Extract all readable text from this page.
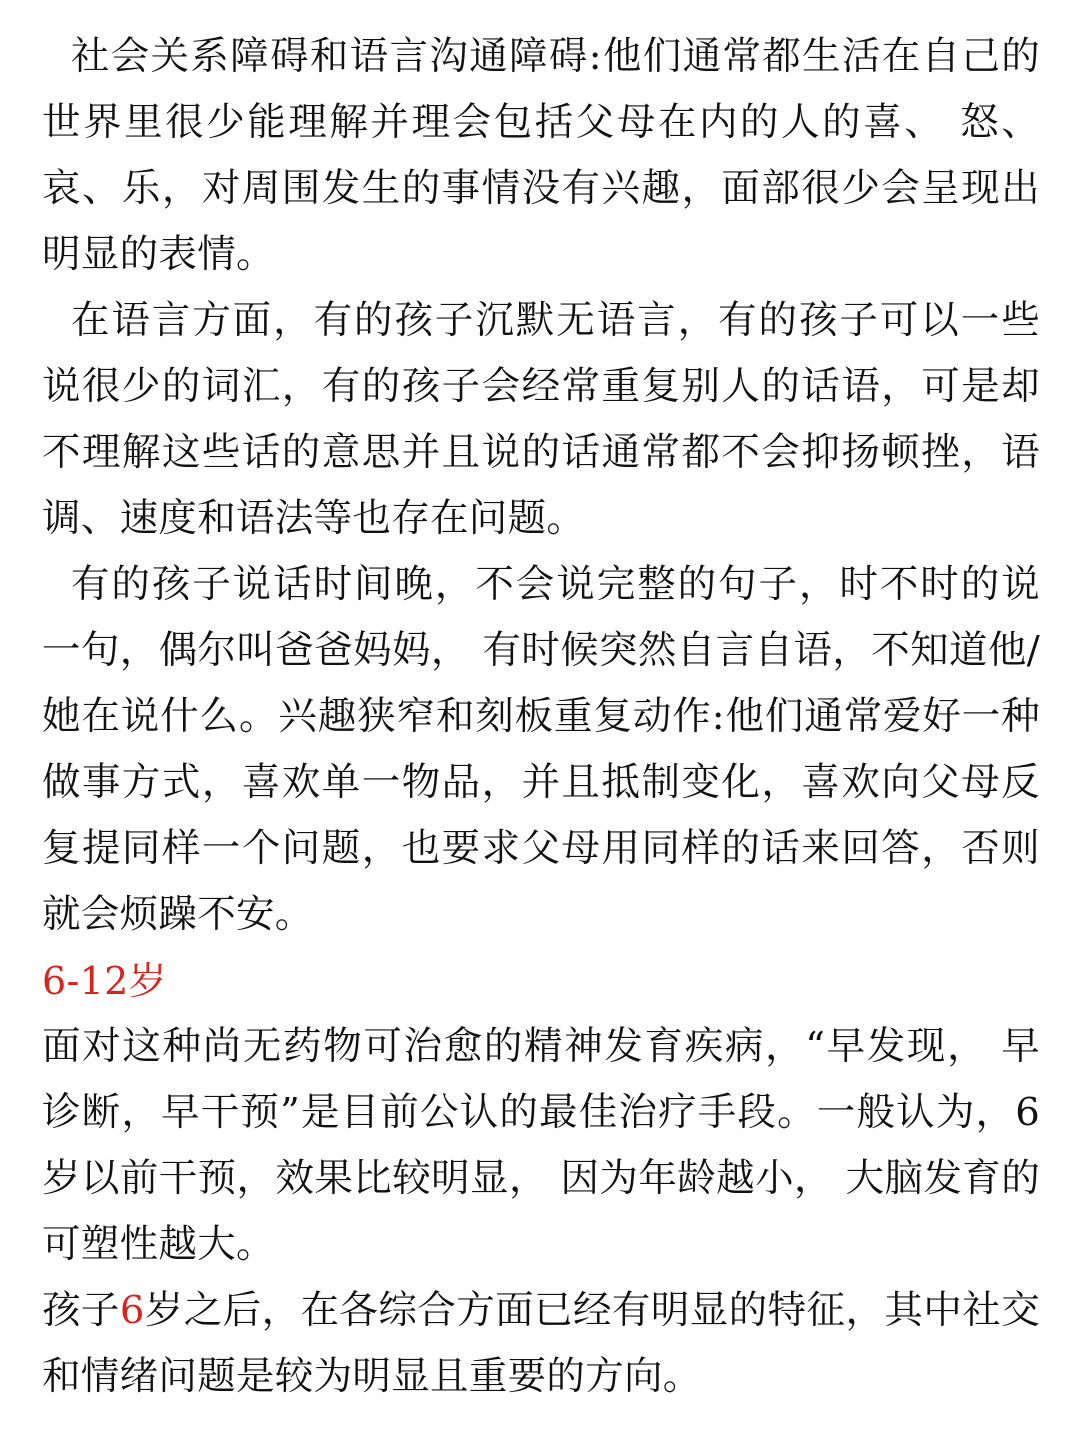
社会关系障碍和语言沟通障碍:他们通常都生活在自己的世界里很少能理解并理会包括父母在内的人的喜、 怒、 哀、乐，对周围发生的事情没有兴趣，面部很少会呈现出明显的表情。

在语言方面，有的孩子沉默无语言，有的孩子可以一些说很少的词汇，有的孩子会经常重复别人的话语，可是却不理解这些话的意思并且说的话通常都不会抑扬顿挫，语调、速度和语法等也存在问题。

有的孩子说话时间晚，不会说完整的句子，时不时的说一句，偶尔叫爸爸妈妈， 有时候突然自言自语，不知道他/她在说什么。兴趣狭窄和刻板重复动作:他们通常爱好一种做事方式，喜欢单一物品，并且抵制变化，喜欢向父母反复提同样一个问题，也要求父母用同样的话来回答，否则就会烦躁不安。

6-12岁

面对这种尚无药物可治愈的精神发育疾病，“早发现， 早诊断，早干预”是目前公认的最佳治疗手段。一般认为，6岁以前干预，效果比较明显， 因为年龄越小， 大脑发育的可塑性越大。

孩子6岁之后，在各综合方面已经有明显的特征，其中社交和情绪问题是较为明显且重要的方向。
